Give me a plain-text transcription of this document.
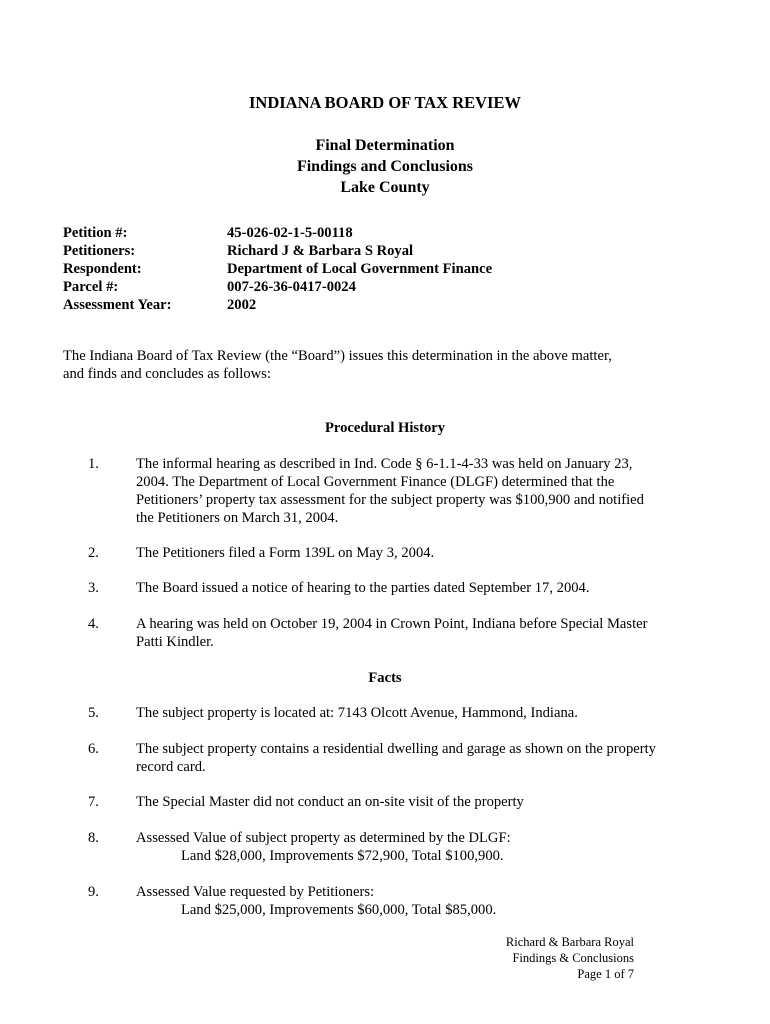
INDIANA BOARD OF TAX REVIEW
Final Determination
Findings and Conclusions
Lake County
Petition #:	45-026-02-1-5-00118
Petitioners:	Richard J & Barbara S Royal
Respondent:	Department of Local Government Finance
Parcel #:	007-26-36-0417-0024
Assessment Year:	2002
The Indiana Board of Tax Review (the “Board”) issues this determination in the above matter,
and finds and concludes as follows:
Procedural History
1.	The informal hearing as described in Ind. Code § 6-1.1-4-33 was held on January 23,
2004. The Department of Local Government Finance (DLGF) determined that the
Petitioners’ property tax assessment for the subject property was $100,900 and notified
the Petitioners on March 31, 2004.
2.	The Petitioners filed a Form 139L on May 3, 2004.
3.	The Board issued a notice of hearing to the parties dated September 17, 2004.
4.	A hearing was held on October 19, 2004 in Crown Point, Indiana before Special Master
Patti Kindler.
Facts
5.	The subject property is located at: 7143 Olcott Avenue, Hammond, Indiana.
6.	The subject property contains a residential dwelling and garage as shown on the property
record card.
7.	The Special Master did not conduct an on-site visit of the property
8.	Assessed Value of subject property as determined by the DLGF:
Land $28,000, Improvements $72,900, Total $100,900.
9.	Assessed Value requested by Petitioners:
Land $25,000, Improvements $60,000, Total $85,000.
Richard & Barbara Royal
Findings & Conclusions
Page 1 of 7
